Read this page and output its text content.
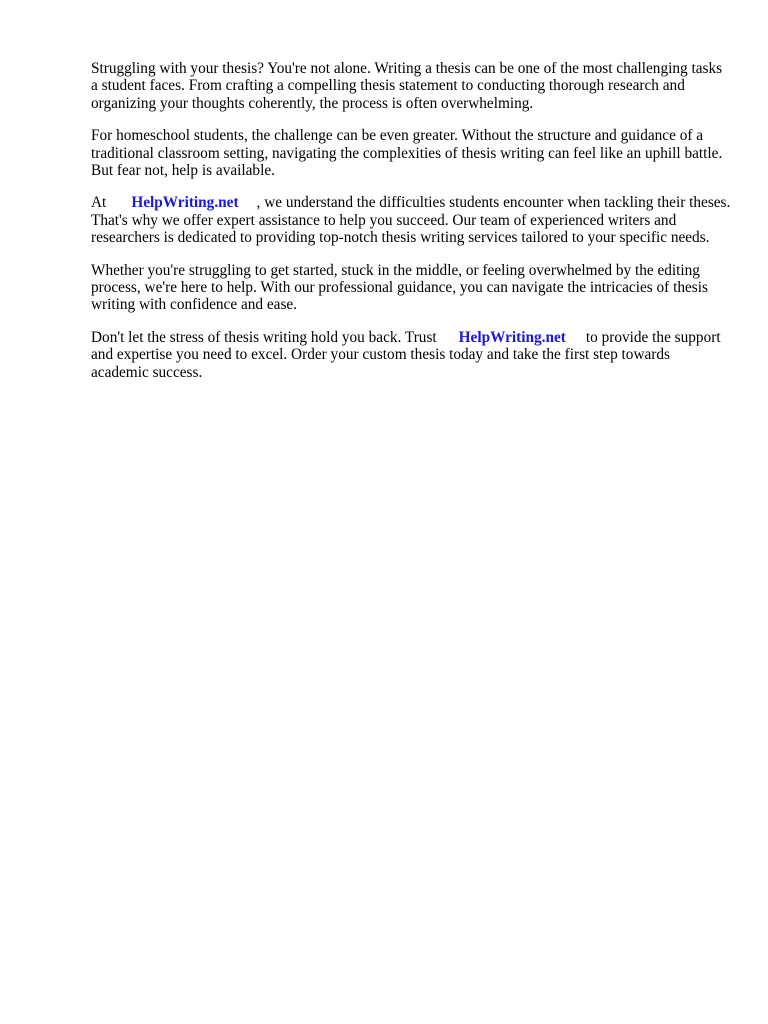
Struggling with your thesis? You're not alone. Writing a thesis can be one of the most challenging tasks a student faces. From crafting a compelling thesis statement to conducting thorough research and organizing your thoughts coherently, the process is often overwhelming.

For homeschool students, the challenge can be even greater. Without the structure and guidance of a traditional classroom setting, navigating the complexities of thesis writing can feel like an uphill battle. But fear not, help is available.

At HelpWriting.net , we understand the difficulties students encounter when tackling their theses. That's why we offer expert assistance to help you succeed. Our team of experienced writers and researchers is dedicated to providing top-notch thesis writing services tailored to your specific needs.

Whether you're struggling to get started, stuck in the middle, or feeling overwhelmed by the editing process, we're here to help. With our professional guidance, you can navigate the intricacies of thesis writing with confidence and ease.

Don't let the stress of thesis writing hold you back. Trust HelpWriting.net to provide the support and expertise you need to excel. Order your custom thesis today and take the first step towards academic success.
